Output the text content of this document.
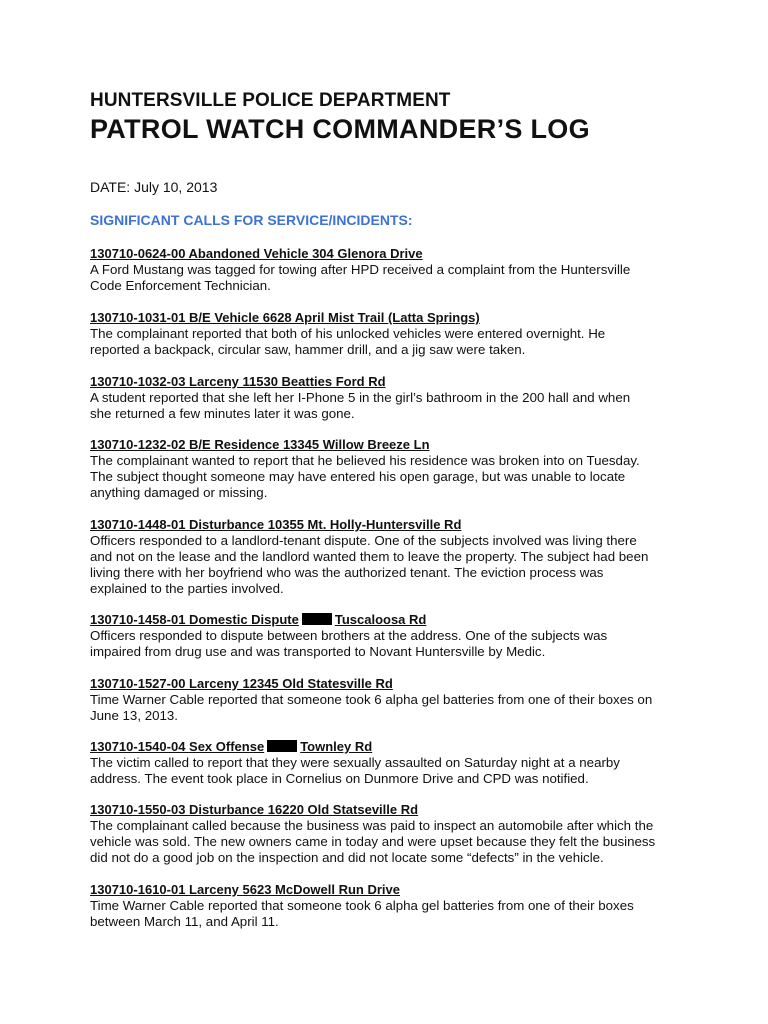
HUNTERSVILLE POLICE DEPARTMENT
PATROL WATCH COMMANDER’S LOG
DATE: July 10, 2013
SIGNIFICANT CALLS FOR SERVICE/INCIDENTS:
130710-0624-00 Abandoned Vehicle 304 Glenora Drive
A Ford Mustang was tagged for towing after HPD received a complaint from the Huntersville
Code Enforcement Technician.
130710-1031-01 B/E Vehicle 6628 April Mist Trail (Latta Springs)
The complainant reported that both of his unlocked vehicles were entered overnight. He
reported a backpack, circular saw, hammer drill, and a jig saw were taken.
130710-1032-03 Larceny 11530 Beatties Ford Rd
A student reported that she left her I-Phone 5 in the girl’s bathroom in the 200 hall and when
she returned a few minutes later it was gone.
130710-1232-02 B/E Residence 13345 Willow Breeze Ln
The complainant wanted to report that he believed his residence was broken into on Tuesday.
The subject thought someone may have entered his open garage, but was unable to locate
anything damaged or missing.
130710-1448-01 Disturbance 10355 Mt. Holly-Huntersville Rd
Officers responded to a landlord-tenant dispute. One of the subjects involved was living there
and not on the lease and the landlord wanted them to leave the property. The subject had been
living there with her boyfriend who was the authorized tenant. The eviction process was
explained to the parties involved.
130710-1458-01 Domestic Dispute	Tuscaloosa Rd
Officers responded to dispute between brothers at the address. One of the subjects was
impaired from drug use and was transported to Novant Huntersville by Medic.
130710-1527-00 Larceny 12345 Old Statesville Rd
Time Warner Cable reported that someone took 6 alpha gel batteries from one of their boxes on
June 13, 2013.
130710-1540-04 Sex Offense	Townley Rd
The victim called to report that they were sexually assaulted on Saturday night at a nearby
address. The event took place in Cornelius on Dunmore Drive and CPD was notified.
130710-1550-03 Disturbance 16220 Old Statseville Rd
The complainant called because the business was paid to inspect an automobile after which the
vehicle was sold. The new owners came in today and were upset because they felt the business
did not do a good job on the inspection and did not locate some “defects” in the vehicle.
130710-1610-01 Larceny 5623 McDowell Run Drive
Time Warner Cable reported that someone took 6 alpha gel batteries from one of their boxes
between March 11, and April 11.
